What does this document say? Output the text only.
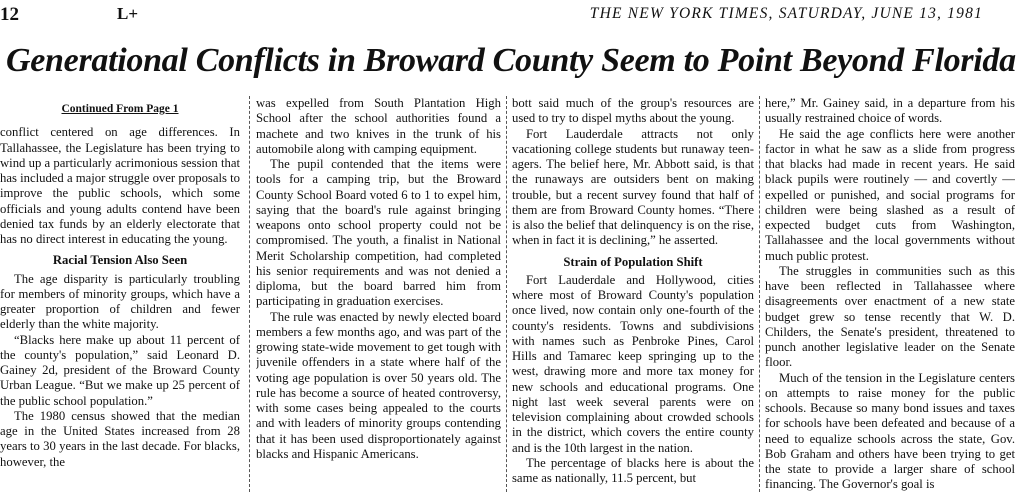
12	L+	THE NEW YORK TIMES, SATURDAY, JUNE 13, 1981
Generational Conflicts in Broward County Seem to Point Beyond Florida
Continued From Page 1

conflict centered on age differences. In Tallahassee, the Legislature has been trying to wind up a particularly acrimonious session that has included a major struggle over proposals to improve the public schools, which some officials and young adults contend have been denied tax funds by an elderly electorate that has no direct interest in educating the young.

Racial Tension Also Seen

The age disparity is particularly troubling for members of minority groups, which have a greater proportion of children and fewer elderly than the white majority.

“Blacks here make up about 11 percent of the county's population,” said Leonard D. Gainey 2d, president of the Broward County Urban League. “But we make up 25 percent of the public school population.”

The 1980 census showed that the median age in the United States increased from 28 years to 30 years in the last decade. For blacks, however, the

was expelled from South Plantation High School after the school authorities found a machete and two knives in the trunk of his automobile along with camping equipment.

The pupil contended that the items were tools for a camping trip, but the Broward County School Board voted 6 to 1 to expel him, saying that the board's rule against bringing weapons onto school property could not be compromised. The youth, a finalist in National Merit Scholarship competition, had completed his senior requirements and was not denied a diploma, but the board barred him from participating in graduation exercises.

The rule was enacted by newly elected board members a few months ago, and was part of the growing state-wide movement to get tough with juvenile offenders in a state where half of the voting age population is over 50 years old. The rule has become a source of heated controversy, with some cases being appealed to the courts and with leaders of minority groups contending that it has been used disproportionately against blacks and Hispanic Americans.

bott said much of the group's resources are used to try to dispel myths about the young.

Fort Lauderdale attracts not only vacationing college students but runaway teen-agers. The belief here, Mr. Abbott said, is that the runaways are outsiders bent on making trouble, but a recent survey found that half of them are from Broward County homes. “There is also the belief that delinquency is on the rise, when in fact it is declining,” he asserted.

Strain of Population Shift

Fort Lauderdale and Hollywood, cities where most of Broward County's population once lived, now contain only one-fourth of the county's residents. Towns and subdivisions with names such as Penbroke Pines, Carol Hills and Tamarec keep springing up to the west, drawing more and more tax money for new schools and educational programs. One night last week several parents were on television complaining about crowded schools in the district, which covers the entire county and is the 10th largest in the nation.

The percentage of blacks here is about the same as nationally, 11.5 percent, but

here,” Mr. Gainey said, in a departure from his usually restrained choice of words.

He said the age conflicts here were another factor in what he saw as a slide from progress that blacks had made in recent years. He said black pupils were routinely — and covertly — expelled or punished, and social programs for children were being slashed as a result of expected budget cuts from Washington, Tallahassee and the local governments without much public protest.

The struggles in communities such as this have been reflected in Tallahassee where disagreements over enactment of a new state budget grew so tense recently that W. D. Childers, the Senate's president, threatened to punch another legislative leader on the Senate floor.

Much of the tension in the Legislature centers on attempts to raise money for the public schools. Because so many bond issues and taxes for schools have been defeated and because of a need to equalize schools across the state, Gov. Bob Graham and others have been trying to get the state to provide a larger share of school financing. The Governor's goal is
